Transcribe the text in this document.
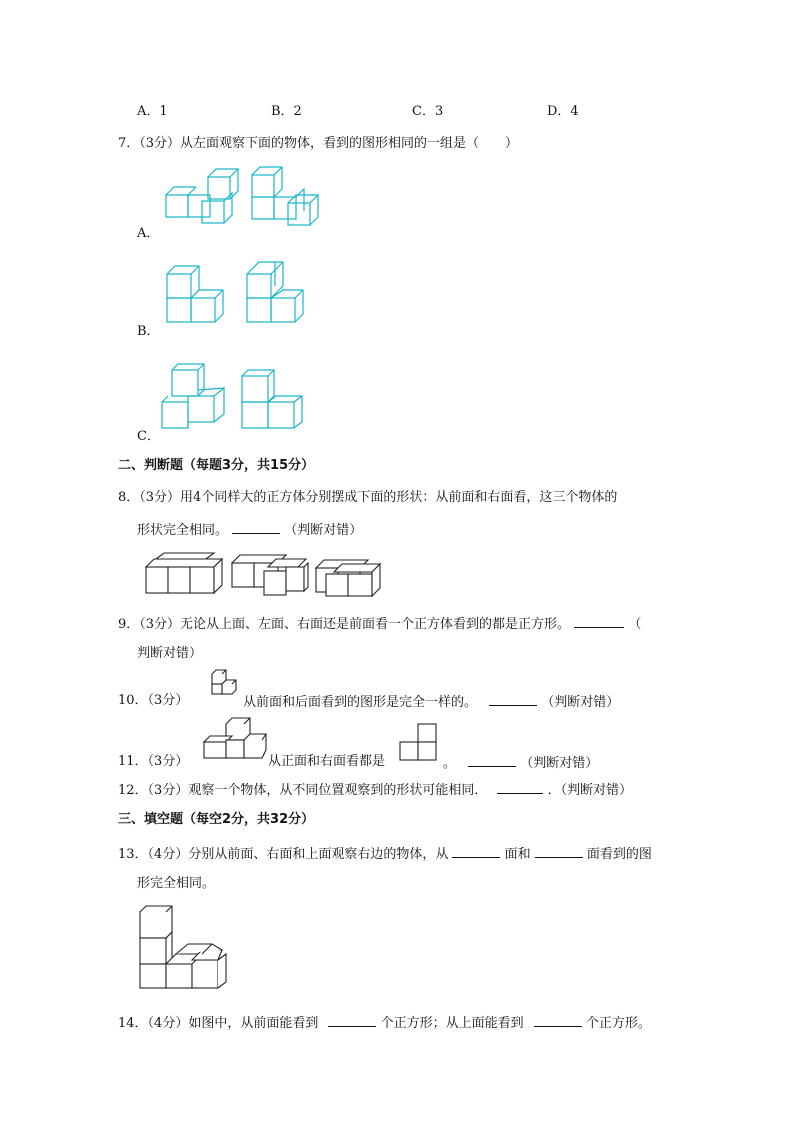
A．1	B．2	C．3	D．4
7．（3分）从左面观察下面的物体，看到的图形相同的一组是（　　）
A．
B．
C．
二、判断题（每题3分，共15分）
8．（3分）用4个同样大的正方体分别摆成下面的形状：从前面和右面看，这三个物体的
形状完全相同。	（判断对错）
9．（3分）无论从上面、左面、右面还是前面看一个正方体看到的都是正方形。	（
判断对错）
10．（3分）	从前面和后面看到的图形是完全一样的。	（判断对错）
11．（3分）	从正面和右面看都是	。	（判断对错）
12．（3分）观察一个物体，从不同位置观察到的形状可能相同．	．（判断对错）
三、填空题（每空2分，共32分）
13．（4分）分别从前面、右面和上面观察右边的物体，从	面和	面看到的图
形完全相同。
14．（4分）如图中，从前面能看到	个正方形；从上面能看到	个正方形。
